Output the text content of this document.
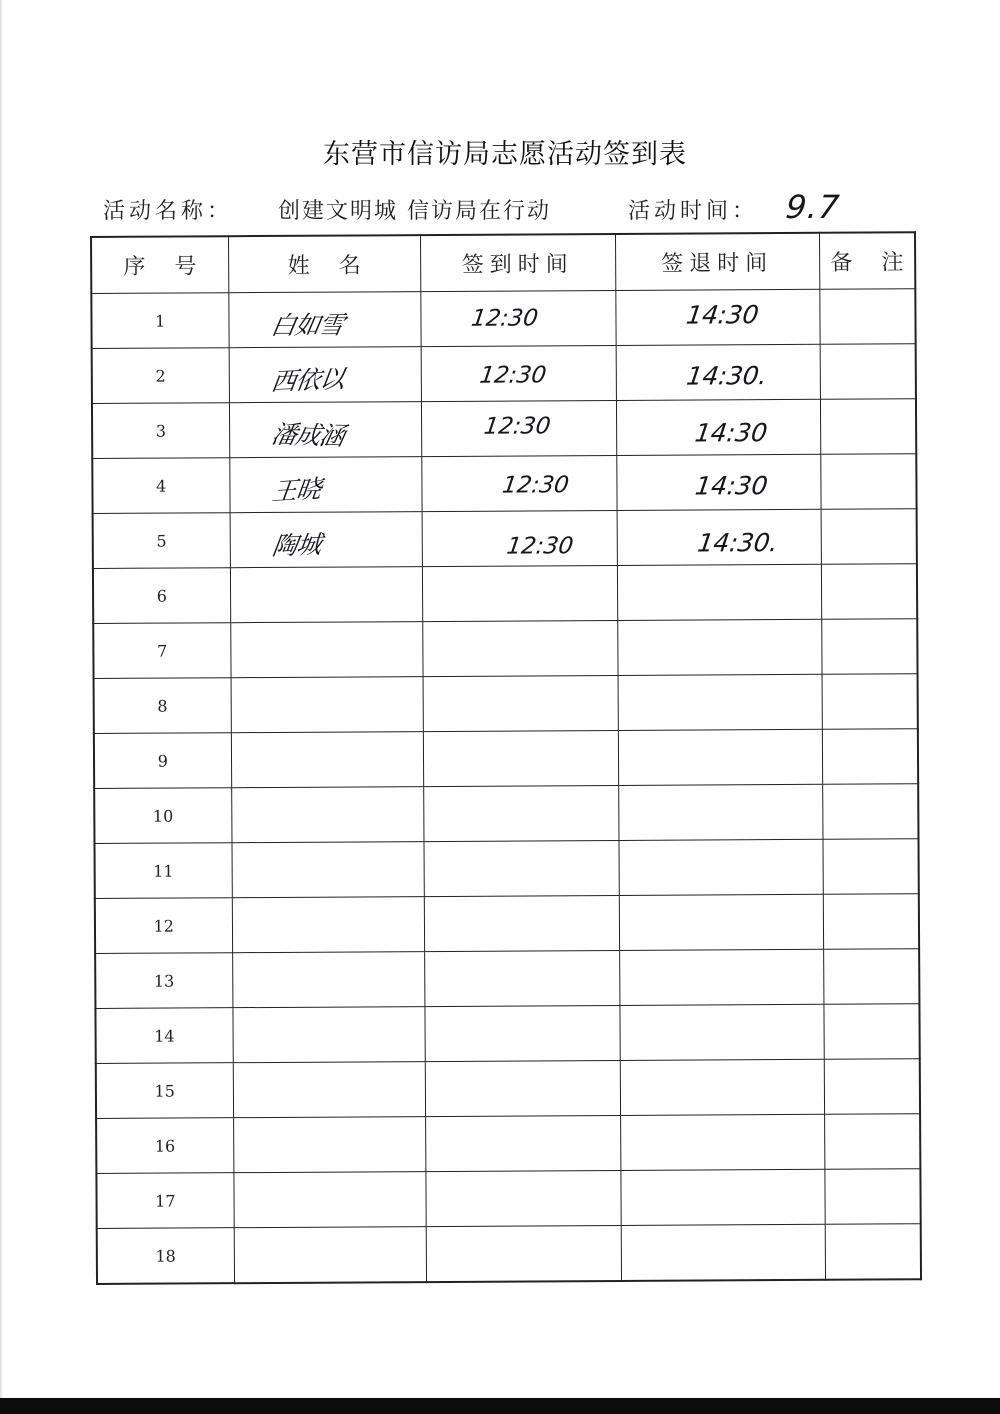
东营市信访局志愿活动签到表
活动名称： 创建文明城 信访局在行动	活动时间： 9.7
序 号	姓 名	签到时间	签退时间	备 注

1	白如雪	12:30	14:30	

2	西依以	12:30	14:30.	

3	潘成涵	12:30	14:30	

4	王晓	12:30	14:30	

5	陶城	12:30	14:30.	

6				
7				
8				
9				
10				
11				
12				
13				
14				
15				
16				
17				
18				
